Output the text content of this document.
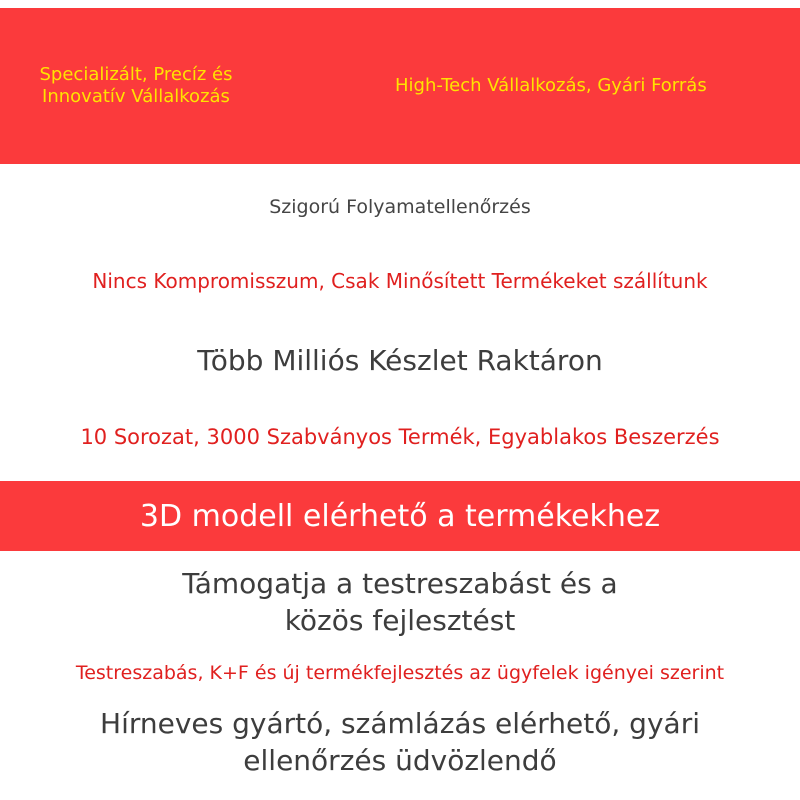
Specializált, Precíz és
Innovatív Vállalkozás
High-Tech Vállalkozás, Gyári Forrás
Szigorú Folyamatellenőrzés
Nincs Kompromisszum, Csak Minősített Termékeket szállítunk
Több Milliós Készlet Raktáron
10 Sorozat, 3000 Szabványos Termék, Egyablakos Beszerzés
3D modell elérhető a termékekhez
Támogatja a testreszabást és a
közös fejlesztést
Testreszabás, K+F és új termékfejlesztés az ügyfelek igényei szerint
Hírneves gyártó, számlázás elérhető, gyári
ellenőrzés üdvözlendő
